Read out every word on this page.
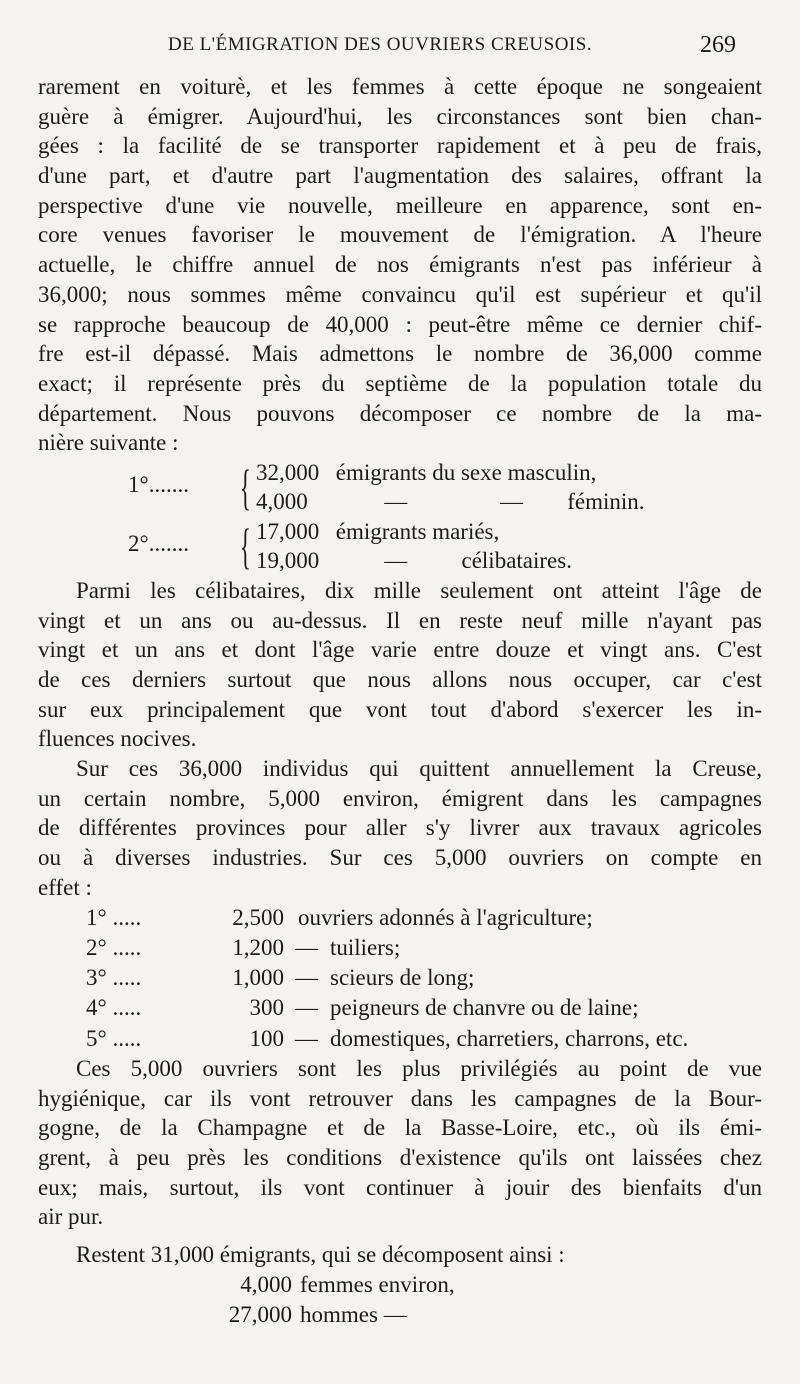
DE L'ÉMIGRATION DES OUVRIERS CREUSOIS.	269
rarement en voiturè, et les femmes à cette époque ne songeaient
guère à émigrer. Aujourd'hui, les circonstances sont bien chan-
gées : la facilité de se transporter rapidement et à peu de frais,
d'une part, et d'autre part l'augmentation des salaires, offrant la
perspective d'une vie nouvelle, meilleure en apparence, sont en-
core venues favoriser le mouvement de l'émigration. A l'heure
actuelle, le chiffre annuel de nos émigrants n'est pas inférieur à
36,000; nous sommes même convaincu qu'il est supérieur et qu'il
se rapproche beaucoup de 40,000 : peut-être même ce dernier chif-
fre est-il dépassé. Mais admettons le nombre de 36,000 comme
exact; il représente près du septième de la population totale du
département. Nous pouvons décomposer ce nombre de la ma-
nière suivante :
1°....... { 32,000 émigrants du sexe masculin,
4,000	—	— féminin.
2°....... { 17,000 émigrants mariés,
19,000	— célibataires.
Parmi les célibataires, dix mille seulement ont atteint l'âge de
vingt et un ans ou au-dessus. Il en reste neuf mille n'ayant pas
vingt et un ans et dont l'âge varie entre douze et vingt ans. C'est
de ces derniers surtout que nous allons nous occuper, car c'est
sur eux principalement que vont tout d'abord s'exercer les in-
fluences nocives.
Sur ces 36,000 individus qui quittent annuellement la Creuse,
un certain nombre, 5,000 environ, émigrent dans les campagnes
de différentes provinces pour aller s'y livrer aux travaux agricoles
ou à diverses industries. Sur ces 5,000 ouvriers on compte en
effet :
1° .....	2,500 ouvriers adonnés à l'agriculture;
2° .....	1,200 — tuiliers;
3° .....	1,000 — scieurs de long;
4° .....	300 — peigneurs de chanvre ou de laine;
5° .....	100 — domestiques, charretiers, charrons, etc.
Ces 5,000 ouvriers sont les plus privilégiés au point de vue
hygiénique, car ils vont retrouver dans les campagnes de la Bour-
gogne, de la Champagne et de la Basse-Loire, etc., où ils émi-
grent, à peu près les conditions d'existence qu'ils ont laissées chez
eux; mais, surtout, ils vont continuer à jouir des bienfaits d'un
air pur.
Restent 31,000 émigrants, qui se décomposent ainsi :
4,000 femmes environ,
27,000 hommes —
